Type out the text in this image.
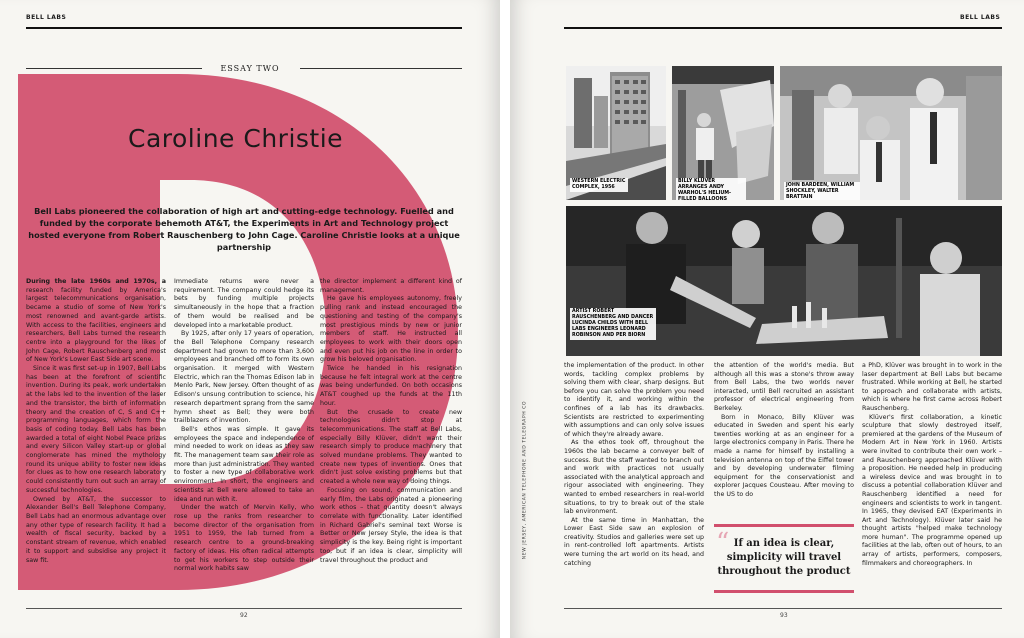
BELL LABS
ESSAY TWO
Caroline Christie
Bell Labs pioneered the collaboration of high art and cutting-edge technology. Fuelled and funded by the corporate behemoth AT&T, the Experiments in Art and Technology project hosted everyone from Robert Rauschenberg to John Cage. Caroline Christie looks at a unique partnership

During the late 1960s and 1970s, a research facility funded by America's largest telecommunications organisation, became a studio of some of New York's most renowned and avant-garde artists. With access to the facilities, engineers and researchers, Bell Labs turned the research centre into a playground for the likes of John Cage, Robert Rauschenberg and most of New York's Lower East Side art scene.

Since it was first set-up in 1907, Bell Labs has been at the forefront of scientific invention. During its peak, work undertaken at the labs led to the invention of the laser and the transistor, the birth of information theory and the creation of C, S and C++ programming languages, which form the basis of coding today. Bell Labs has been awarded a total of eight Nobel Peace prizes and every Silicon Valley start-up or global conglomerate has mined the mythology round its unique ability to foster new ideas for clues as to how one research laboratory could consistently turn out such an array of successful technologies.

Owned by AT&T, the successor to Alexander Bell's Bell Telephone Company, Bell Labs had an enormous advantage over any other type of research facility. It had a wealth of fiscal security, backed by a constant stream of revenue, which enabled it to support and subsidise any project it saw fit.

Immediate returns were never a requirement. The company could hedge its bets by funding multiple projects simultaneously in the hope that a fraction of them would be realised and be developed into a marketable product.

By 1925, after only 17 years of operation, the Bell Telephone Company research department had grown to more than 3,600 employees and branched off to form its own organisation. It merged with Western Electric, which ran the Thomas Edison lab in Menlo Park, New Jersey. Often thought of as Edison's unsung contribution to science, his research department sprang from the same hymn sheet as Bell; they were both trailblazers of invention.

Bell's ethos was simple. It gave its employees the space and independence of mind needed to work on ideas as they saw fit. The management team saw their role as more than just administration. They wanted to foster a new type of collaborative work environment. In short, the engineers and scientists at Bell were allowed to take an idea and run with it.

Under the watch of Mervin Kelly, who rose up the ranks from researcher to become director of the organisation from 1951 to 1959, the lab turned from a research centre to a ground-breaking factory of ideas. His often radical attempts to get his workers to step outside their normal work habits saw

the director implement a different kind of management.

He gave his employees autonomy, freely pulling rank and instead encouraged the questioning and testing of the company's most prestigious minds by new or junior members of staff. He instructed all employees to work with their doors open and even put his job on the line in order to grow his beloved organisation.

Twice he handed in his resignation because he felt integral work at the centre was being underfunded. On both occasions AT&T coughed up the funds at the 11th hour.

But the crusade to create new technologies didn't stop at telecommunications. The staff at Bell Labs, especially Billy Klüver, didn't want their research simply to produce machinery that solved mundane problems. They wanted to create new types of inventions. Ones that didn't just solve existing problems but that created a whole new way of doing things.

Focusing on sound, communication and early film, the Labs originated a pioneering work ethos – that quantity doesn't always correlate with functionality. Later identified in Richard Gabriel's seminal text Worse is Better or New Jersey Style, the idea is that simplicity is the key. Being right is important too, but if an idea is clear, simplicity will travel throughout the product and

92
BELL LABS
WESTERN ELECTRIC COMPLEX, 1956
BILLY KLÜVER ARRANGES ANDY WARHOL'S HELIUM-FILLED BALLOONS
JOHN BARDEEN, WILLIAM SHOCKLEY, WALTER BRATTAIN
ARTIST ROBERT RAUSCHENBERG AND DANCER LUCINDA CHILDS WITH BELL LABS ENGINEERS LEONARD ROBINSON AND PER BIORN
NEW JERSEY, AMERICAN TELEPHONE AND TELEGRAPH CO

the implementation of the product. In other words, tackling complex problems by solving them with clear, sharp designs. But before you can solve the problem you need to identify it, and working within the confines of a lab has its drawbacks. Scientists are restricted to experimenting with assumptions and can only solve issues of which they're already aware.

As the ethos took off, throughout the 1960s the lab became a conveyer belt of success. But the staff wanted to branch out and work with practices not usually associated with the analytical approach and rigour associated with engineering. They wanted to embed researchers in real-world situations, to try to break out of the stale lab environment.

At the same time in Manhattan, the Lower East Side saw an explosion of creativity. Studios and galleries were set up in rent-controlled loft apartments. Artists were turning the art world on its head, and catching

the attention of the world's media. But although all this was a stone's throw away from Bell Labs, the two worlds never interacted, until Bell recruited an assistant professor of electrical engineering from Berkeley.

Born in Monaco, Billy Klüver was educated in Sweden and spent his early twenties working at as an engineer for a large electronics company in Paris. There he made a name for himself by installing a television antenna on top of the Eiffel tower and by developing underwater filming equipment for the conservationist and explorer Jacques Cousteau. After moving to the US to do

“ If an idea is clear, simplicity will travel throughout the product

a PhD, Klüver was brought in to work in the laser department at Bell Labs but became frustrated. While working at Bell, he started to approach and collaborate with artists, which is where he first came across Robert Rauschenberg.

Klüver's first collaboration, a kinetic sculpture that slowly destroyed itself, premiered at the gardens of the Museum of Modern Art in New York in 1960. Artists were invited to contribute their own work – and Rauschenberg approached Klüver with a proposition. He needed help in producing a wireless device and was brought in to discuss a potential collaboration Klüver and Rauschenberg identified a need for engineers and scientists to work in tangent. In 1965, they devised EAT (Experiments in Art and Technology). Klüver later said he thought artists "helped make technology more human". The programme opened up facilities at the lab, often out of hours, to an array of artists, performers, composers, filmmakers and choreographers. In

93
